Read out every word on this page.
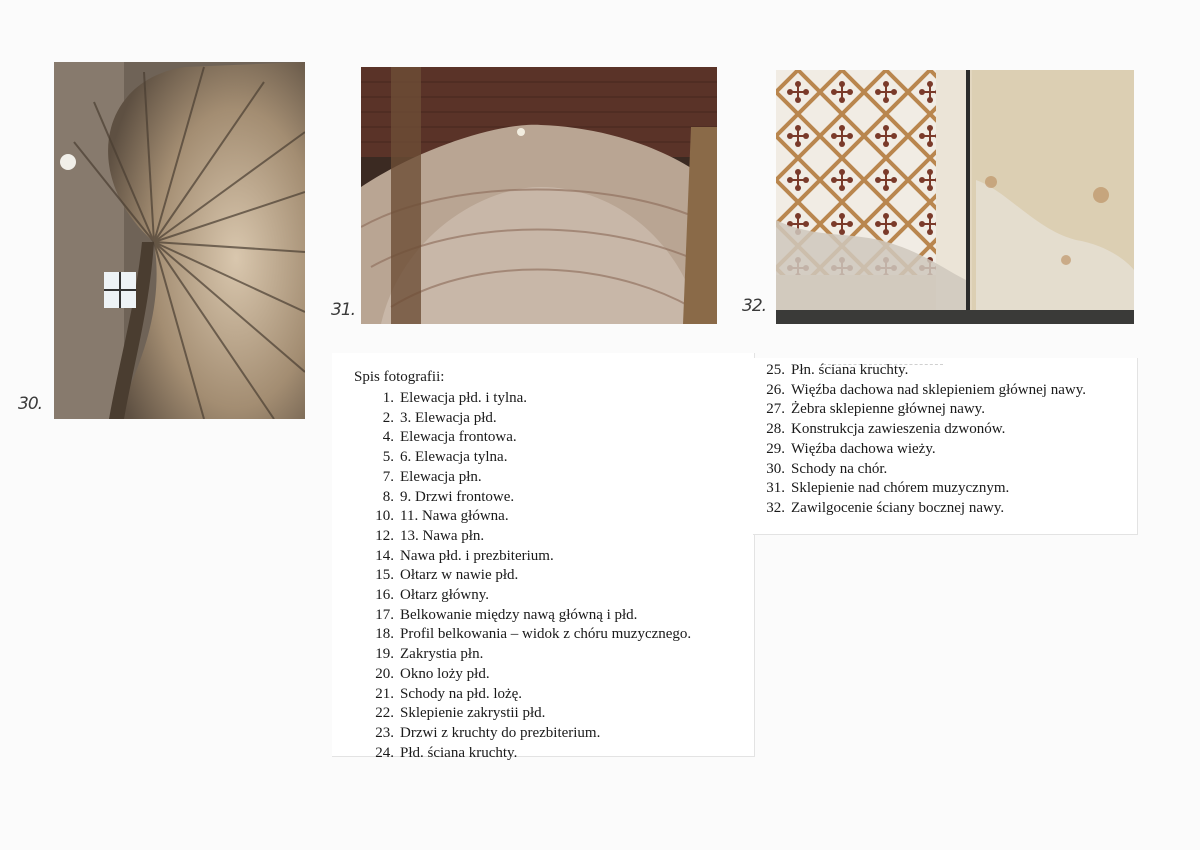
30.
31.	32.
Spis fotografii:
1. Elewacja płd. i tylna.
2. 3. Elewacja płd.
4. Elewacja frontowa.
5. 6. Elewacja tylna.
7. Elewacja płn.
8. 9. Drzwi frontowe.
10. 11. Nawa główna.
12. 13. Nawa płn.
14. Nawa płd. i prezbiterium.
15. Ołtarz w nawie płd.
16. Ołtarz główny.
17. Belkowanie między nawą główną i płd.
18. Profil belkowania – widok z chóru muzycznego.
19. Zakrystia płn.
20. Okno loży płd.
21. Schody na płd. lożę.
22. Sklepienie zakrystii płd.
23. Drzwi z kruchty do prezbiterium.
24. Płd. ściana kruchty.
25. Płn. ściana kruchty.
26. Więźba dachowa nad sklepieniem głównej nawy.
27. Żebra sklepienne głównej nawy.
28. Konstrukcja zawieszenia dzwonów.
29. Więźba dachowa wieży.
30. Schody na chór.
31. Sklepienie nad chórem muzycznym.
32. Zawilgocenie ściany bocznej nawy.
